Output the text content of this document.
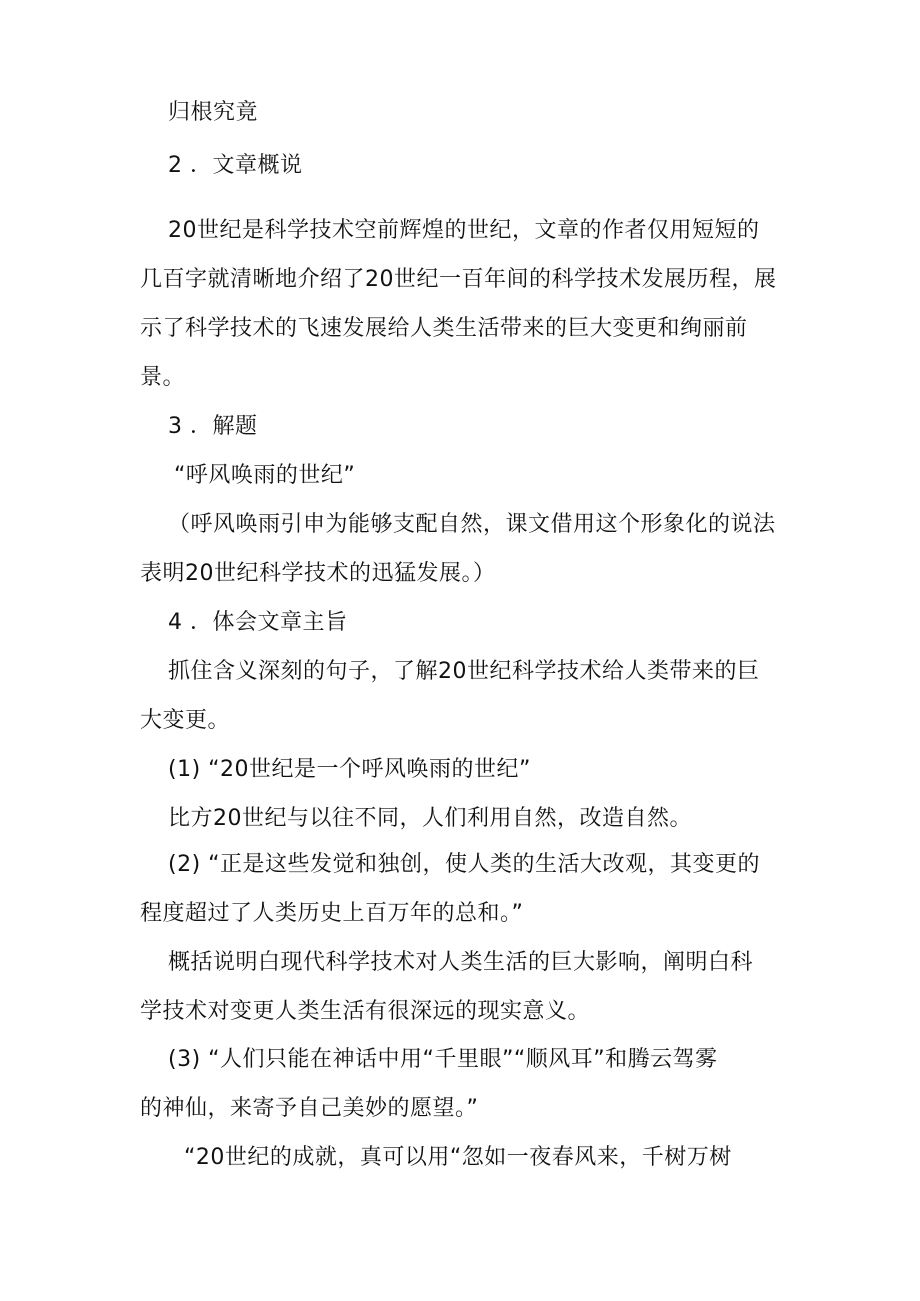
归根究竟
2 ．文章概说
20世纪是科学技术空前辉煌的世纪，文章的作者仅用短短的
几百字就清晰地介绍了20世纪一百年间的科学技术发展历程，展
示了科学技术的飞速发展给人类生活带来的巨大变更和绚丽前
景。
3 ．解题
“呼风唤雨的世纪”
（呼风唤雨引申为能够支配自然，课文借用这个形象化的说法
表明20世纪科学技术的迅猛发展。）
4 ．体会文章主旨
抓住含义深刻的句子，了解20世纪科学技术给人类带来的巨
大变更。
(1) “20世纪是一个呼风唤雨的世纪”
比方20世纪与以往不同，人们利用自然，改造自然。
(2) “正是这些发觉和独创，使人类的生活大改观，其变更的
程度超过了人类历史上百万年的总和。”
概括说明白现代科学技术对人类生活的巨大影响，阐明白科
学技术对变更人类生活有很深远的现实意义。
(3) “人们只能在神话中用“千里眼”“顺风耳”和腾云驾雾
的神仙，来寄予自己美妙的愿望。”
“20世纪的成就，真可以用“忽如一夜春风来，千树万树
